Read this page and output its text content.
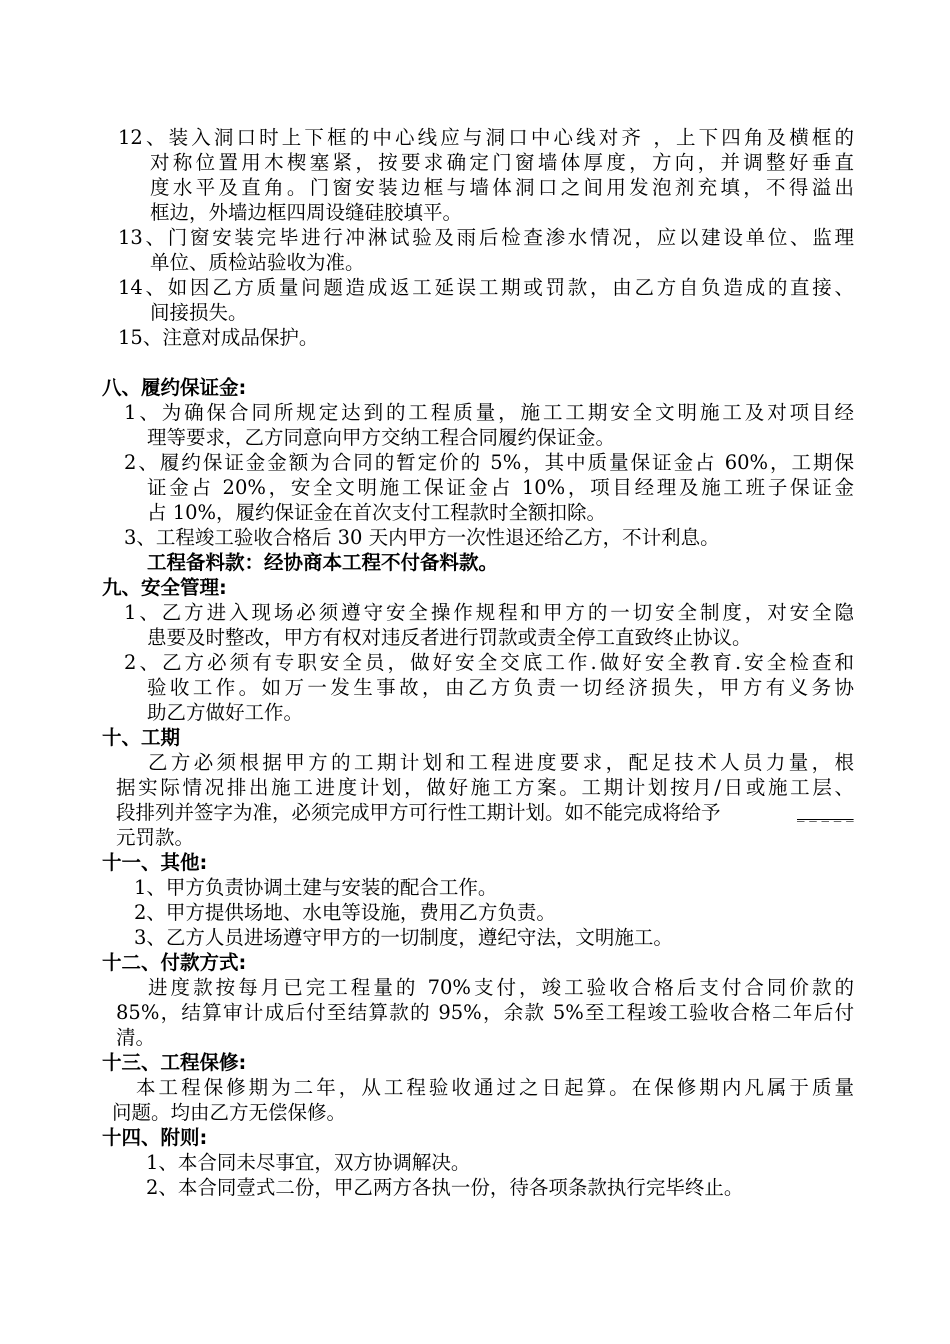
12、装入洞口时上下框的中心线应与洞口中心线对齐 ，上下四角及横框的
对称位置用木楔塞紧，按要求确定门窗墙体厚度，方向，并调整好垂直
度水平及直角。门窗安装边框与墙体洞口之间用发泡剂充填，不得溢出
框边，外墙边框四周设缝硅胶填平。
13、门窗安装完毕进行冲淋试验及雨后检查渗水情况，应以建设单位、监理
单位、质检站验收为准。
14、如因乙方质量问题造成返工延误工期或罚款，由乙方自负造成的直接、
间接损失。
15、注意对成品保护。
八、履约保证金:
1、为确保合同所规定达到的工程质量，施工工期安全文明施工及对项目经
理等要求，乙方同意向甲方交纳工程合同履约保证金。
2、履约保证金金额为合同的暂定价的 5%，其中质量保证金占 60%，工期保
证金占 20%，安全文明施工保证金占 10%，项目经理及施工班子保证金
占 10%，履约保证金在首次支付工程款时全额扣除。
3、工程竣工验收合格后 30 天内甲方一次性退还给乙方，不计利息。
工程备料款：经协商本工程不付备料款。
九、安全管理:
1、乙方进入现场必须遵守安全操作规程和甲方的一切安全制度，对安全隐
患要及时整改，甲方有权对违反者进行罚款或责全停工直致终止协议。
2、乙方必须有专职安全员，做好安全交底工作.做好安全教育.安全检查和
验收工作。如万一发生事故，由乙方负责一切经济损失，甲方有义务协
助乙方做好工作。
十、工期
乙方必须根据甲方的工期计划和工程进度要求，配足技术人员力量，根
据实际情况排出施工进度计划，做好施工方案。工期计划按月/日或施工层、
段排列并签字为准，必须完成甲方可行性工期计划。如不能完成将给予	_ _ _ _ _
元罚款。
十一、其他:
1、甲方负责协调土建与安装的配合工作。
2、甲方提供场地、水电等设施，费用乙方负责。
3、乙方人员进场遵守甲方的一切制度，遵纪守法，文明施工。
十二、付款方式:
进度款按每月已完工程量的 70%支付，竣工验收合格后支付合同价款的
85%，结算审计成后付至结算款的 95%，余款 5%至工程竣工验收合格二年后付
清。
十三、工程保修:
本工程保修期为二年，从工程验收通过之日起算。在保修期内凡属于质量
问题。均由乙方无偿保修。
十四、附则:
1、本合同未尽事宜，双方协调解决。
2、本合同壹式二份，甲乙两方各执一份，待各项条款执行完毕终止。
